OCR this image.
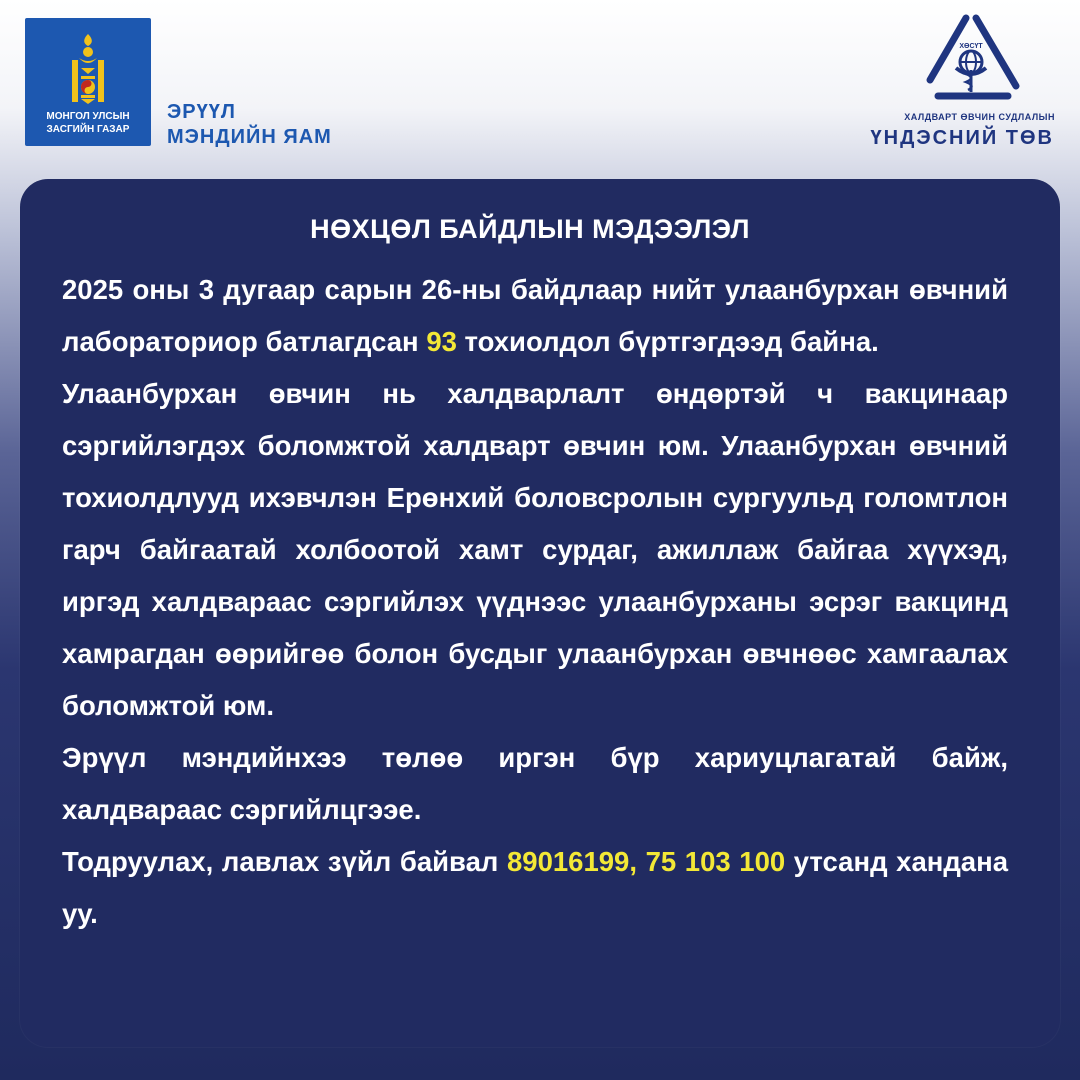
МОНГОЛ УЛСЫН
ЗАСГИЙН ГАЗАР
ЭРҮҮЛ
МЭНДИЙН ЯАМ
ХӨСҮТ
ХАЛДВАРТ ӨВЧИН СУДЛАЛЫН
ҮНДЭСНИЙ ТӨВ
НӨХЦӨЛ БАЙДЛЫН МЭДЭЭЛЭЛ

2025 оны 3 дугаар сарын 26-ны байдлаар нийт улаанбурхан өвчний лабораториор батлагдсан 93 тохиолдол бүртгэгдээд байна.

Улаанбурхан өвчин нь халдварлалт өндөртэй ч вакцинаар сэргийлэгдэх боломжтой халдварт өвчин юм. Улаанбурхан өвчний тохиолдлууд ихэвчлэн Ерөнхий боловсролын сургуульд голомтлон гарч байгаатай холбоотой хамт сурдаг, ажиллаж байгаа хүүхэд, иргэд халдвараас сэргийлэх үүднээс улаанбурханы эсрэг вакцинд хамрагдан өөрийгөө болон бусдыг улаанбурхан өвчнөөс хамгаалах боломжтой юм.

Эрүүл мэндийнхээ төлөө иргэн бүр хариуцлагатай байж, халдвараас сэргийлцгээе.

Тодруулах, лавлах зүйл байвал 89016199, 75 103 100 утсанд хандана уу.
